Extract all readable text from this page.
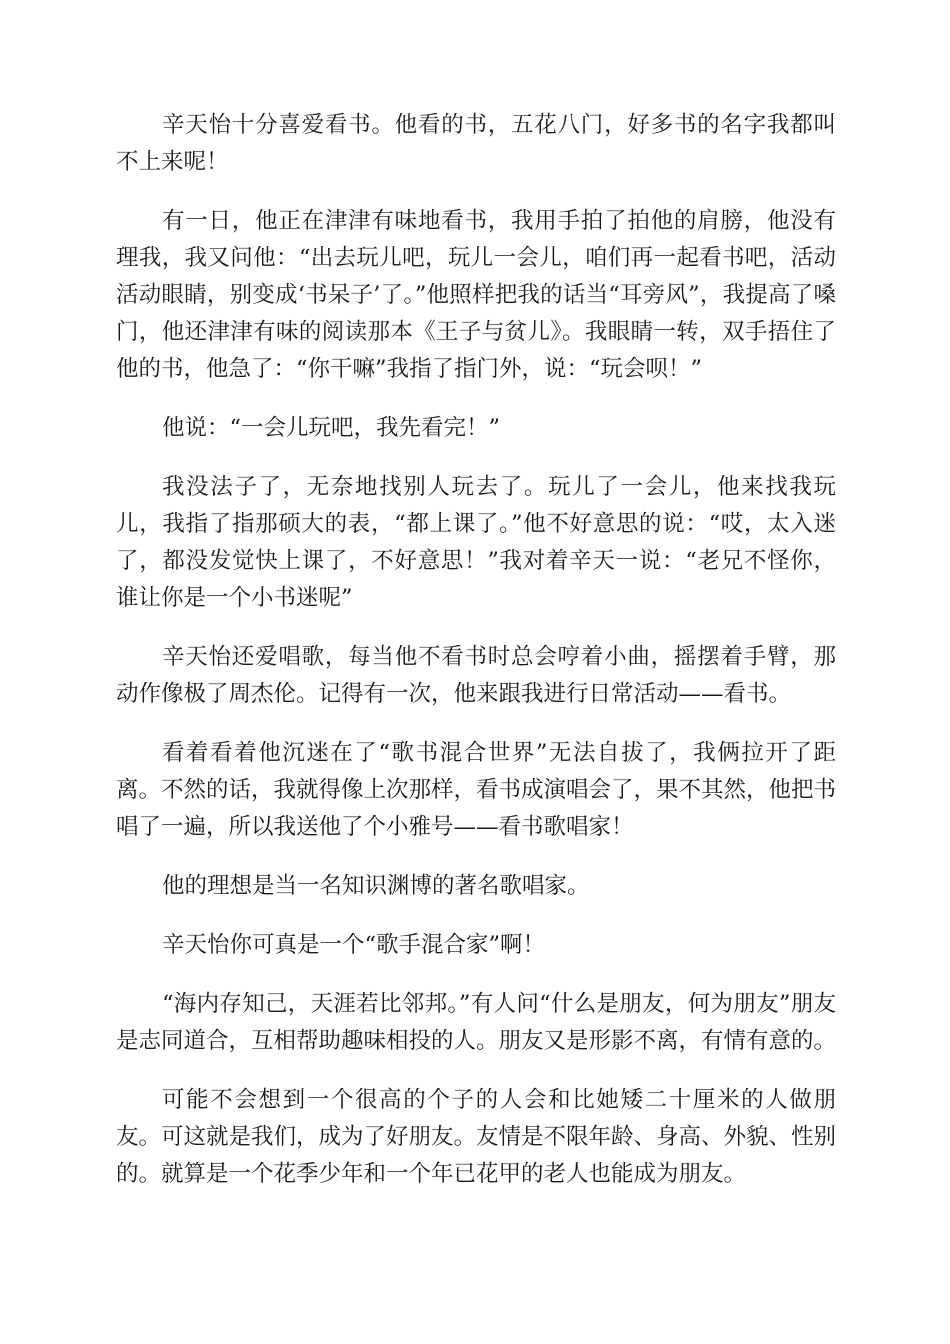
辛天怡十分喜爱看书。他看的书，五花八门，好多书的名字我都叫不上来呢！

有一日，他正在津津有味地看书，我用手拍了拍他的肩膀，他没有理我，我又问他：“出去玩儿吧，玩儿一会儿，咱们再一起看书吧，活动活动眼睛，别变成‘书呆子’了。”他照样把我的话当“耳旁风”，我提高了嗓门，他还津津有味的阅读那本《王子与贫儿》。我眼睛一转，双手捂住了他的书，他急了：“你干嘛”我指了指门外，说：“玩会呗！”

他说：“一会儿玩吧，我先看完！”

我没法子了，无奈地找别人玩去了。玩儿了一会儿，他来找我玩儿，我指了指那硕大的表，“都上课了。”他不好意思的说：“哎，太入迷了，都没发觉快上课了，不好意思！”我对着辛天一说：“老兄不怪你，谁让你是一个小书迷呢”

辛天怡还爱唱歌，每当他不看书时总会哼着小曲，摇摆着手臂，那动作像极了周杰伦。记得有一次，他来跟我进行日常活动——看书。

看着看着他沉迷在了“歌书混合世界”无法自拔了，我俩拉开了距离。不然的话，我就得像上次那样，看书成演唱会了，果不其然，他把书唱了一遍，所以我送他了个小雅号——看书歌唱家！

他的理想是当一名知识渊博的著名歌唱家。

辛天怡你可真是一个“歌手混合家”啊！

“海内存知己，天涯若比邻邦。”有人问“什么是朋友，何为朋友”朋友是志同道合，互相帮助趣味相投的人。朋友又是形影不离，有情有意的。

可能不会想到一个很高的个子的人会和比她矮二十厘米的人做朋友。可这就是我们，成为了好朋友。友情是不限年龄、身高、外貌、性别的。就算是一个花季少年和一个年已花甲的老人也能成为朋友。
